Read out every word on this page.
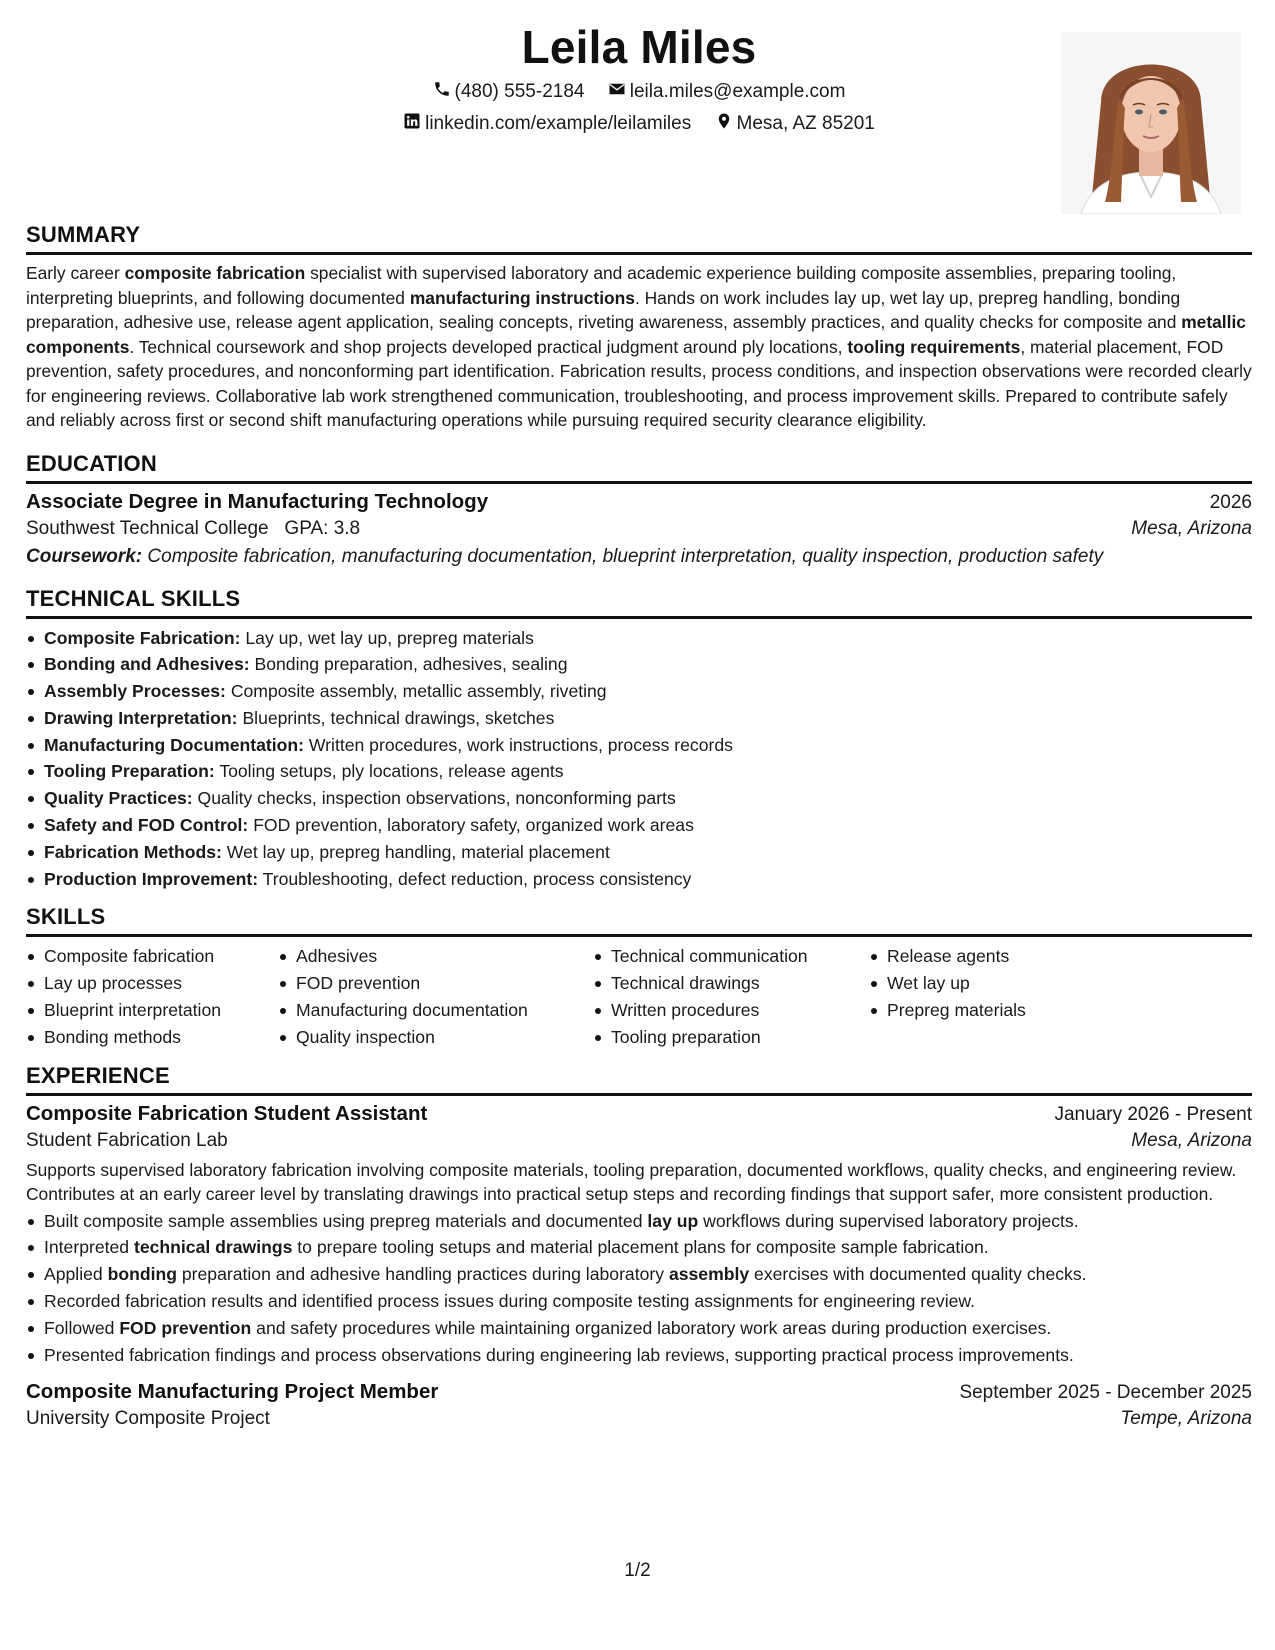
Leila Miles
(480) 555-2184
leila.miles@example.com
linkedin.com/example/leilamiles
Mesa, AZ 85201
SUMMARY

Early career composite fabrication specialist with supervised laboratory and academic experience building composite assemblies, preparing tooling, interpreting blueprints, and following documented manufacturing instructions. Hands on work includes lay up, wet lay up, prepreg handling, bonding preparation, adhesive use, release agent application, sealing concepts, riveting awareness, assembly practices, and quality checks for composite and metallic components. Technical coursework and shop projects developed practical judgment around ply locations, tooling requirements, material placement, FOD prevention, safety procedures, and nonconforming part identification. Fabrication results, process conditions, and inspection observations were recorded clearly for engineering reviews. Collaborative lab work strengthened communication, troubleshooting, and process improvement skills. Prepared to contribute safely and reliably across first or second shift manufacturing operations while pursuing required security clearance eligibility.

EDUCATION
Associate Degree in Manufacturing Technology	2026
Southwest Technical College GPA: 3.8	Mesa, Arizona
Coursework: Composite fabrication, manufacturing documentation, blueprint interpretation, quality inspection, production safety
TECHNICAL SKILLS
Composite Fabrication: Lay up, wet lay up, prepreg materials
Bonding and Adhesives: Bonding preparation, adhesives, sealing
Assembly Processes: Composite assembly, metallic assembly, riveting
Drawing Interpretation: Blueprints, technical drawings, sketches
Manufacturing Documentation: Written procedures, work instructions, process records
Tooling Preparation: Tooling setups, ply locations, release agents
Quality Practices: Quality checks, inspection observations, nonconforming parts
Safety and FOD Control: FOD prevention, laboratory safety, organized work areas
Fabrication Methods: Wet lay up, prepreg handling, material placement
Production Improvement: Troubleshooting, defect reduction, process consistency
SKILLS
Composite fabrication
Lay up processes
Blueprint interpretation
Bonding methods
Adhesives
FOD prevention
Manufacturing documentation
Quality inspection
Technical communication
Technical drawings
Written procedures
Tooling preparation
Release agents
Wet lay up
Prepreg materials
EXPERIENCE
Composite Fabrication Student Assistant	January 2026 - Present
Student Fabrication Lab	Mesa, Arizona

Supports supervised laboratory fabrication involving composite materials, tooling preparation, documented workflows, quality checks, and engineering review. Contributes at an early career level by translating drawings into practical setup steps and recording findings that support safer, more consistent production.

Built composite sample assemblies using prepreg materials and documented lay up workflows during supervised laboratory projects.
Interpreted technical drawings to prepare tooling setups and material placement plans for composite sample fabrication.
Applied bonding preparation and adhesive handling practices during laboratory assembly exercises with documented quality checks.
Recorded fabrication results and identified process issues during composite testing assignments for engineering review.
Followed FOD prevention and safety procedures while maintaining organized laboratory work areas during production exercises.
Presented fabrication findings and process observations during engineering lab reviews, supporting practical process improvements.
Composite Manufacturing Project Member	September 2025 - December 2025
University Composite Project	Tempe, Arizona
1/2
